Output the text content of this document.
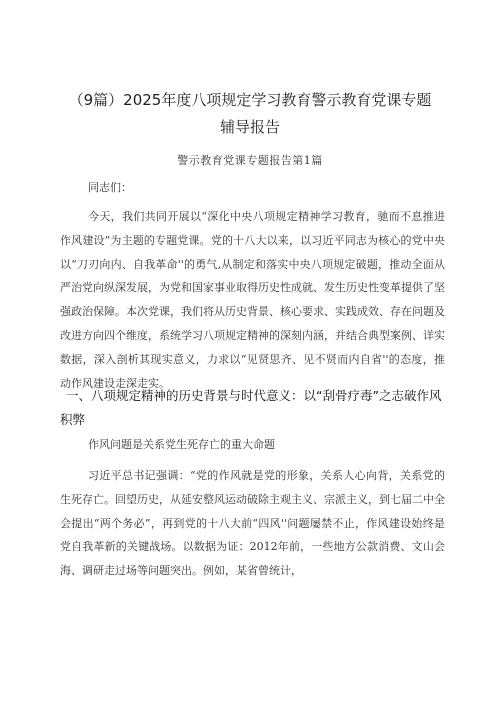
（9篇）2025年度八项规定学习教育警示教育党课专题
辅导报告
警示教育党课专题报告第1篇
同志们：
今天，我们共同开展以“深化中央八项规定精神学习教育，驰而不息推进作风建设”为主题的专题党课。党的十八大以来，以习近平同志为核心的党中央以“刀刃向内、自我革命''的勇气,从制定和落实中央八项规定破题，推动全面从严治党向纵深发展，为党和国家事业取得历史性成就、发生历史性变革提供了坚强政治保障。本次党课，我们将从历史背景、核心要求、实践成效、存在问题及改进方向四个维度，系统学习八项规定精神的深刻内涵，并结合典型案例、详实数据，深入剖析其现实意义，力求以“见贤思齐、见不贤而内自省''的态度，推动作风建设走深走实。
一、八项规定精神的历史背景与时代意义：以“刮骨疗毒”之志破作风积弊
作风问题是关系党生死存亡的重大命题
习近平总书记强调：“党的作风就是党的形象，关系人心向背，关系党的生死存亡。回望历史，从延安整风运动破除主观主义、宗派主义，到七届二中全会提出“两个务必”，再到党的十八大前“四风''问题屡禁不止，作风建设始终是党自我革新的关键战场。以数据为证：2012年前，一些地方公款消费、文山会海、调研走过场等问题突出。例如，某省曾统计，
